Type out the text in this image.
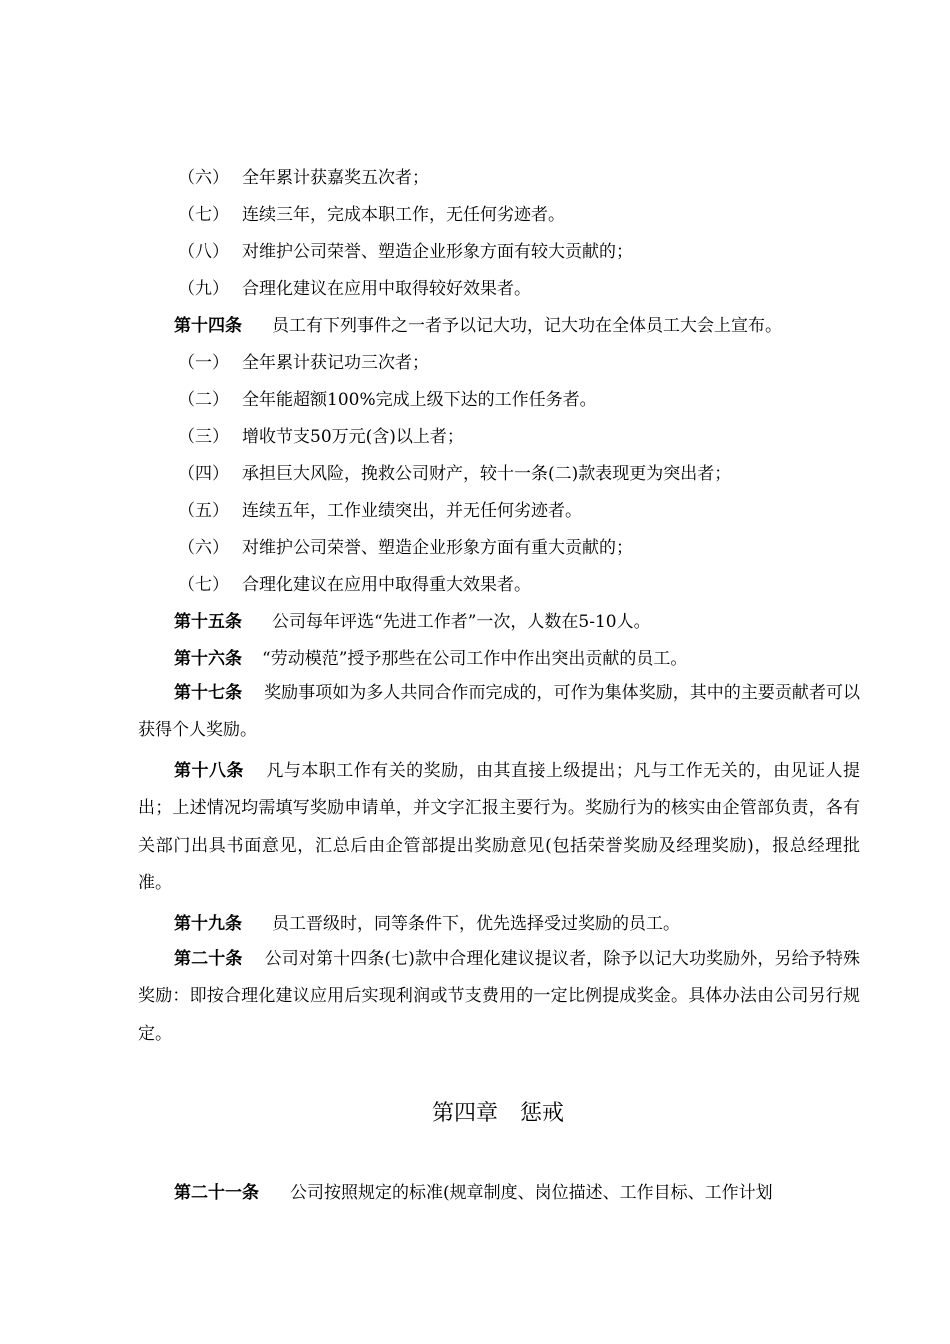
（六） 全年累计获嘉奖五次者；
（七） 连续三年，完成本职工作，无任何劣迹者。
（八） 对维护公司荣誉、塑造企业形象方面有较大贡献的；
（九） 合理化建议在应用中取得较好效果者。
第十四条 员工有下列事件之一者予以记大功，记大功在全体员工大会上宣布。
（一） 全年累计获记功三次者；
（二） 全年能超额100%完成上级下达的工作任务者。
（三） 增收节支50万元(含)以上者；
（四） 承担巨大风险，挽救公司财产，较十一条(二)款表现更为突出者；
（五） 连续五年，工作业绩突出，并无任何劣迹者。
（六） 对维护公司荣誉、塑造企业形象方面有重大贡献的；
（七） 合理化建议在应用中取得重大效果者。
第十五条 公司每年评选“先进工作者”一次，人数在5-10人。
第十六条 “劳动模范”授予那些在公司工作中作出突出贡献的员工。
第十七条 奖励事项如为多人共同合作而完成的，可作为集体奖励，其中的主要贡献者可以获得个人奖励。
第十八条 凡与本职工作有关的奖励，由其直接上级提出；凡与工作无关的，由见证人提出；上述情况均需填写奖励申请单，并文字汇报主要行为。奖励行为的核实由企管部负责，各有关部门出具书面意见，汇总后由企管部提出奖励意见(包括荣誉奖励及经理奖励)，报总经理批准。
第十九条 员工晋级时，同等条件下，优先选择受过奖励的员工。
第二十条 公司对第十四条(七)款中合理化建议提议者，除予以记大功奖励外，另给予特殊奖励：即按合理化建议应用后实现利润或节支费用的一定比例提成奖金。具体办法由公司另行规定。
第四章 惩戒
第二十一条 公司按照规定的标准(规章制度、岗位描述、工作目标、工作计划
